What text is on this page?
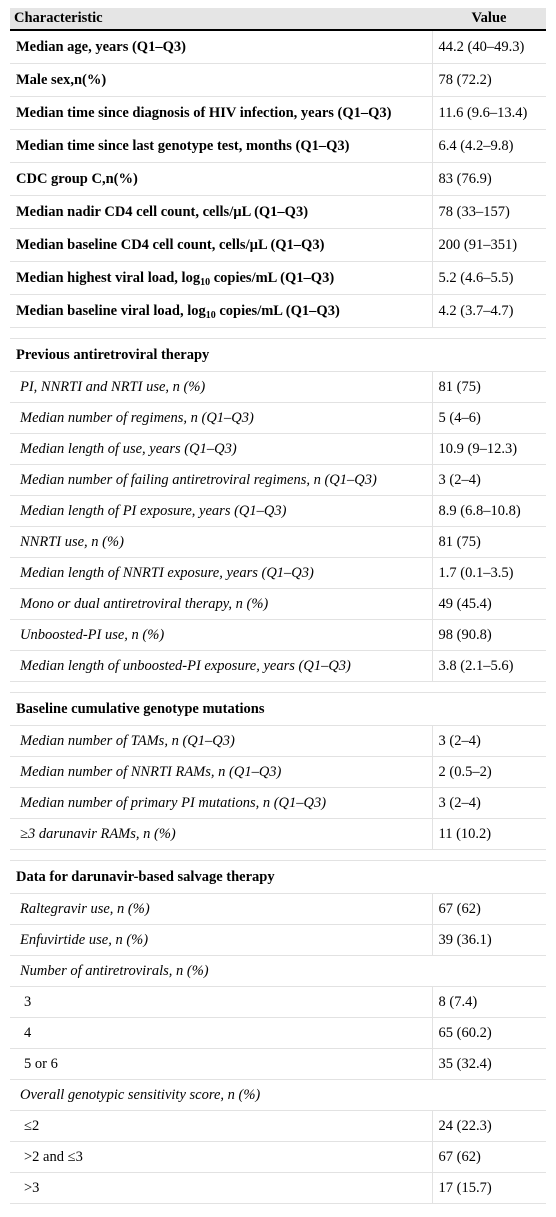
Characteristic	Value
Median age, years (Q1–Q3)	44.2 (40–49.3)
Male sex,n(%)	78 (72.2)
Median time since diagnosis of HIV infection, years (Q1–Q3)	11.6 (9.6–13.4)
Median time since last genotype test, months (Q1–Q3)	6.4 (4.2–9.8)
CDC group C,n(%)	83 (76.9)
Median nadir CD4 cell count, cells/µL (Q1–Q3)	78 (33–157)
Median baseline CD4 cell count, cells/µL (Q1–Q3)	200 (91–351)
Median highest viral load, $\log_{10}$ copies/mL (Q1–Q3)	5.2 (4.6–5.5)
Median baseline viral load, $\log_{10}$ copies/mL (Q1–Q3)	4.2 (3.7–4.7)

Previous antiretroviral therapy	
PI, NNRTI and NRTI use, n (%)	81 (75)
Median number of regimens, n (Q1–Q3)	5 (4–6)
Median length of use, years (Q1–Q3)	10.9 (9–12.3)
Median number of failing antiretroviral regimens, n (Q1–Q3)	3 (2–4)
Median length of PI exposure, years (Q1–Q3)	8.9 (6.8–10.8)
NNRTI use, n (%)	81 (75)
Median length of NNRTI exposure, years (Q1–Q3)	1.7 (0.1–3.5)
Mono or dual antiretroviral therapy, n (%)	49 (45.4)
Unboosted-PI use, n (%)	98 (90.8)
Median length of unboosted-PI exposure, years (Q1–Q3)	3.8 (2.1–5.6)

Baseline cumulative genotype mutations	
Median number of TAMs, n (Q1–Q3)	3 (2–4)
Median number of NNRTI RAMs, n (Q1–Q3)	2 (0.5–2)
Median number of primary PI mutations, n (Q1–Q3)	3 (2–4)
≥3 darunavir RAMs, n (%)	11 (10.2)

Data for darunavir-based salvage therapy	
Raltegravir use, n (%)	67 (62)
Enfuvirtide use, n (%)	39 (36.1)
Number of antiretrovirals, n (%)	
3	8 (7.4)
4	65 (60.2)
5 or 6	35 (32.4)
Overall genotypic sensitivity score, n (%)	
≤2	24 (22.3)
>2 and ≤3	67 (62)
>3	17 (15.7)
